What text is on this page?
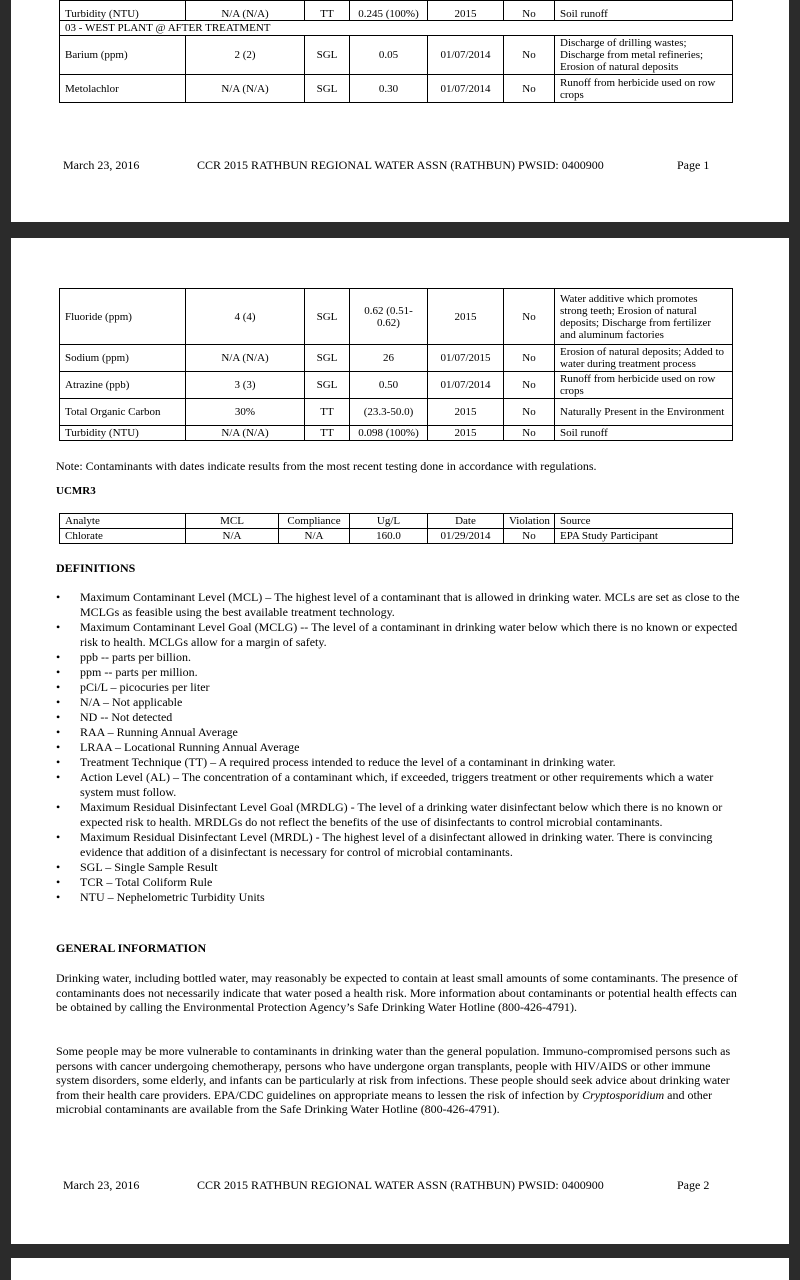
Turbidity (NTU)	N/A (N/A)	TT	0.245 (100%)	2015	No	Soil runoff
03 - WEST PLANT @ AFTER TREATMENT						
Barium (ppm)	2 (2)	SGL	0.05	01/07/2014	No	Discharge of drilling wastes; Discharge from metal refineries; Erosion of natural deposits
Metolachlor	N/A (N/A)	SGL	0.30	01/07/2014	No	Runoff from herbicide used on row crops
March 23, 2016	CCR 2015 RATHBUN REGIONAL WATER ASSN (RATHBUN) PWSID: 0400900	Page 1
Fluoride (ppm)	4 (4)	SGL	0.62 (0.51-0.62)	2015	No	Water additive which promotes strong teeth; Erosion of natural deposits; Discharge from fertilizer and aluminum factories
Sodium (ppm)	N/A (N/A)	SGL	26	01/07/2015	No	Erosion of natural deposits; Added to water during treatment process
Atrazine (ppb)	3 (3)	SGL	0.50	01/07/2014	No	Runoff from herbicide used on row crops
Total Organic Carbon	30%	TT	(23.3-50.0)	2015	No	Naturally Present in the Environment
Turbidity (NTU)	N/A (N/A)	TT	0.098 (100%)	2015	No	Soil runoff
Note: Contaminants with dates indicate results from the most recent testing done in accordance with regulations.
UCMR3
Analyte	MCL	Compliance	Ug/L	Date	Violation	Source
Chlorate	N/A	N/A	160.0	01/29/2014	No	EPA Study Participant
DEFINITIONS
• Maximum Contaminant Level (MCL) – The highest level of a contaminant that is allowed in drinking water. MCLs are set as close to the MCLGs as feasible using the best available treatment technology.
• Maximum Contaminant Level Goal (MCLG) -- The level of a contaminant in drinking water below which there is no known or expected risk to health. MCLGs allow for a margin of safety.
• ppb -- parts per billion.
• ppm -- parts per million.
• pCi/L – picocuries per liter
• N/A – Not applicable
• ND -- Not detected
• RAA – Running Annual Average
• LRAA – Locational Running Annual Average
• Treatment Technique (TT) – A required process intended to reduce the level of a contaminant in drinking water.
• Action Level (AL) – The concentration of a contaminant which, if exceeded, triggers treatment or other requirements which a water system must follow.
• Maximum Residual Disinfectant Level Goal (MRDLG) - The level of a drinking water disinfectant below which there is no known or expected risk to health. MRDLGs do not reflect the benefits of the use of disinfectants to control microbial contaminants.
• Maximum Residual Disinfectant Level (MRDL) - The highest level of a disinfectant allowed in drinking water. There is convincing evidence that addition of a disinfectant is necessary for control of microbial contaminants.
• SGL – Single Sample Result
• TCR – Total Coliform Rule
• NTU – Nephelometric Turbidity Units
GENERAL INFORMATION

Drinking water, including bottled water, may reasonably be expected to contain at least small amounts of some contaminants. The presence of contaminants does not necessarily indicate that water posed a health risk. More information about contaminants or potential health effects can be obtained by calling the Environmental Protection Agency’s Safe Drinking Water Hotline (800-426-4791).

Some people may be more vulnerable to contaminants in drinking water than the general population. Immuno-compromised persons such as persons with cancer undergoing chemotherapy, persons who have undergone organ transplants, people with HIV/AIDS or other immune system disorders, some elderly, and infants can be particularly at risk from infections. These people should seek advice about drinking water from their health care providers. EPA/CDC guidelines on appropriate means to lessen the risk of infection by Cryptosporidium and other microbial contaminants are available from the Safe Drinking Water Hotline (800-426-4791).

March 23, 2016	CCR 2015 RATHBUN REGIONAL WATER ASSN (RATHBUN) PWSID: 0400900	Page 2
